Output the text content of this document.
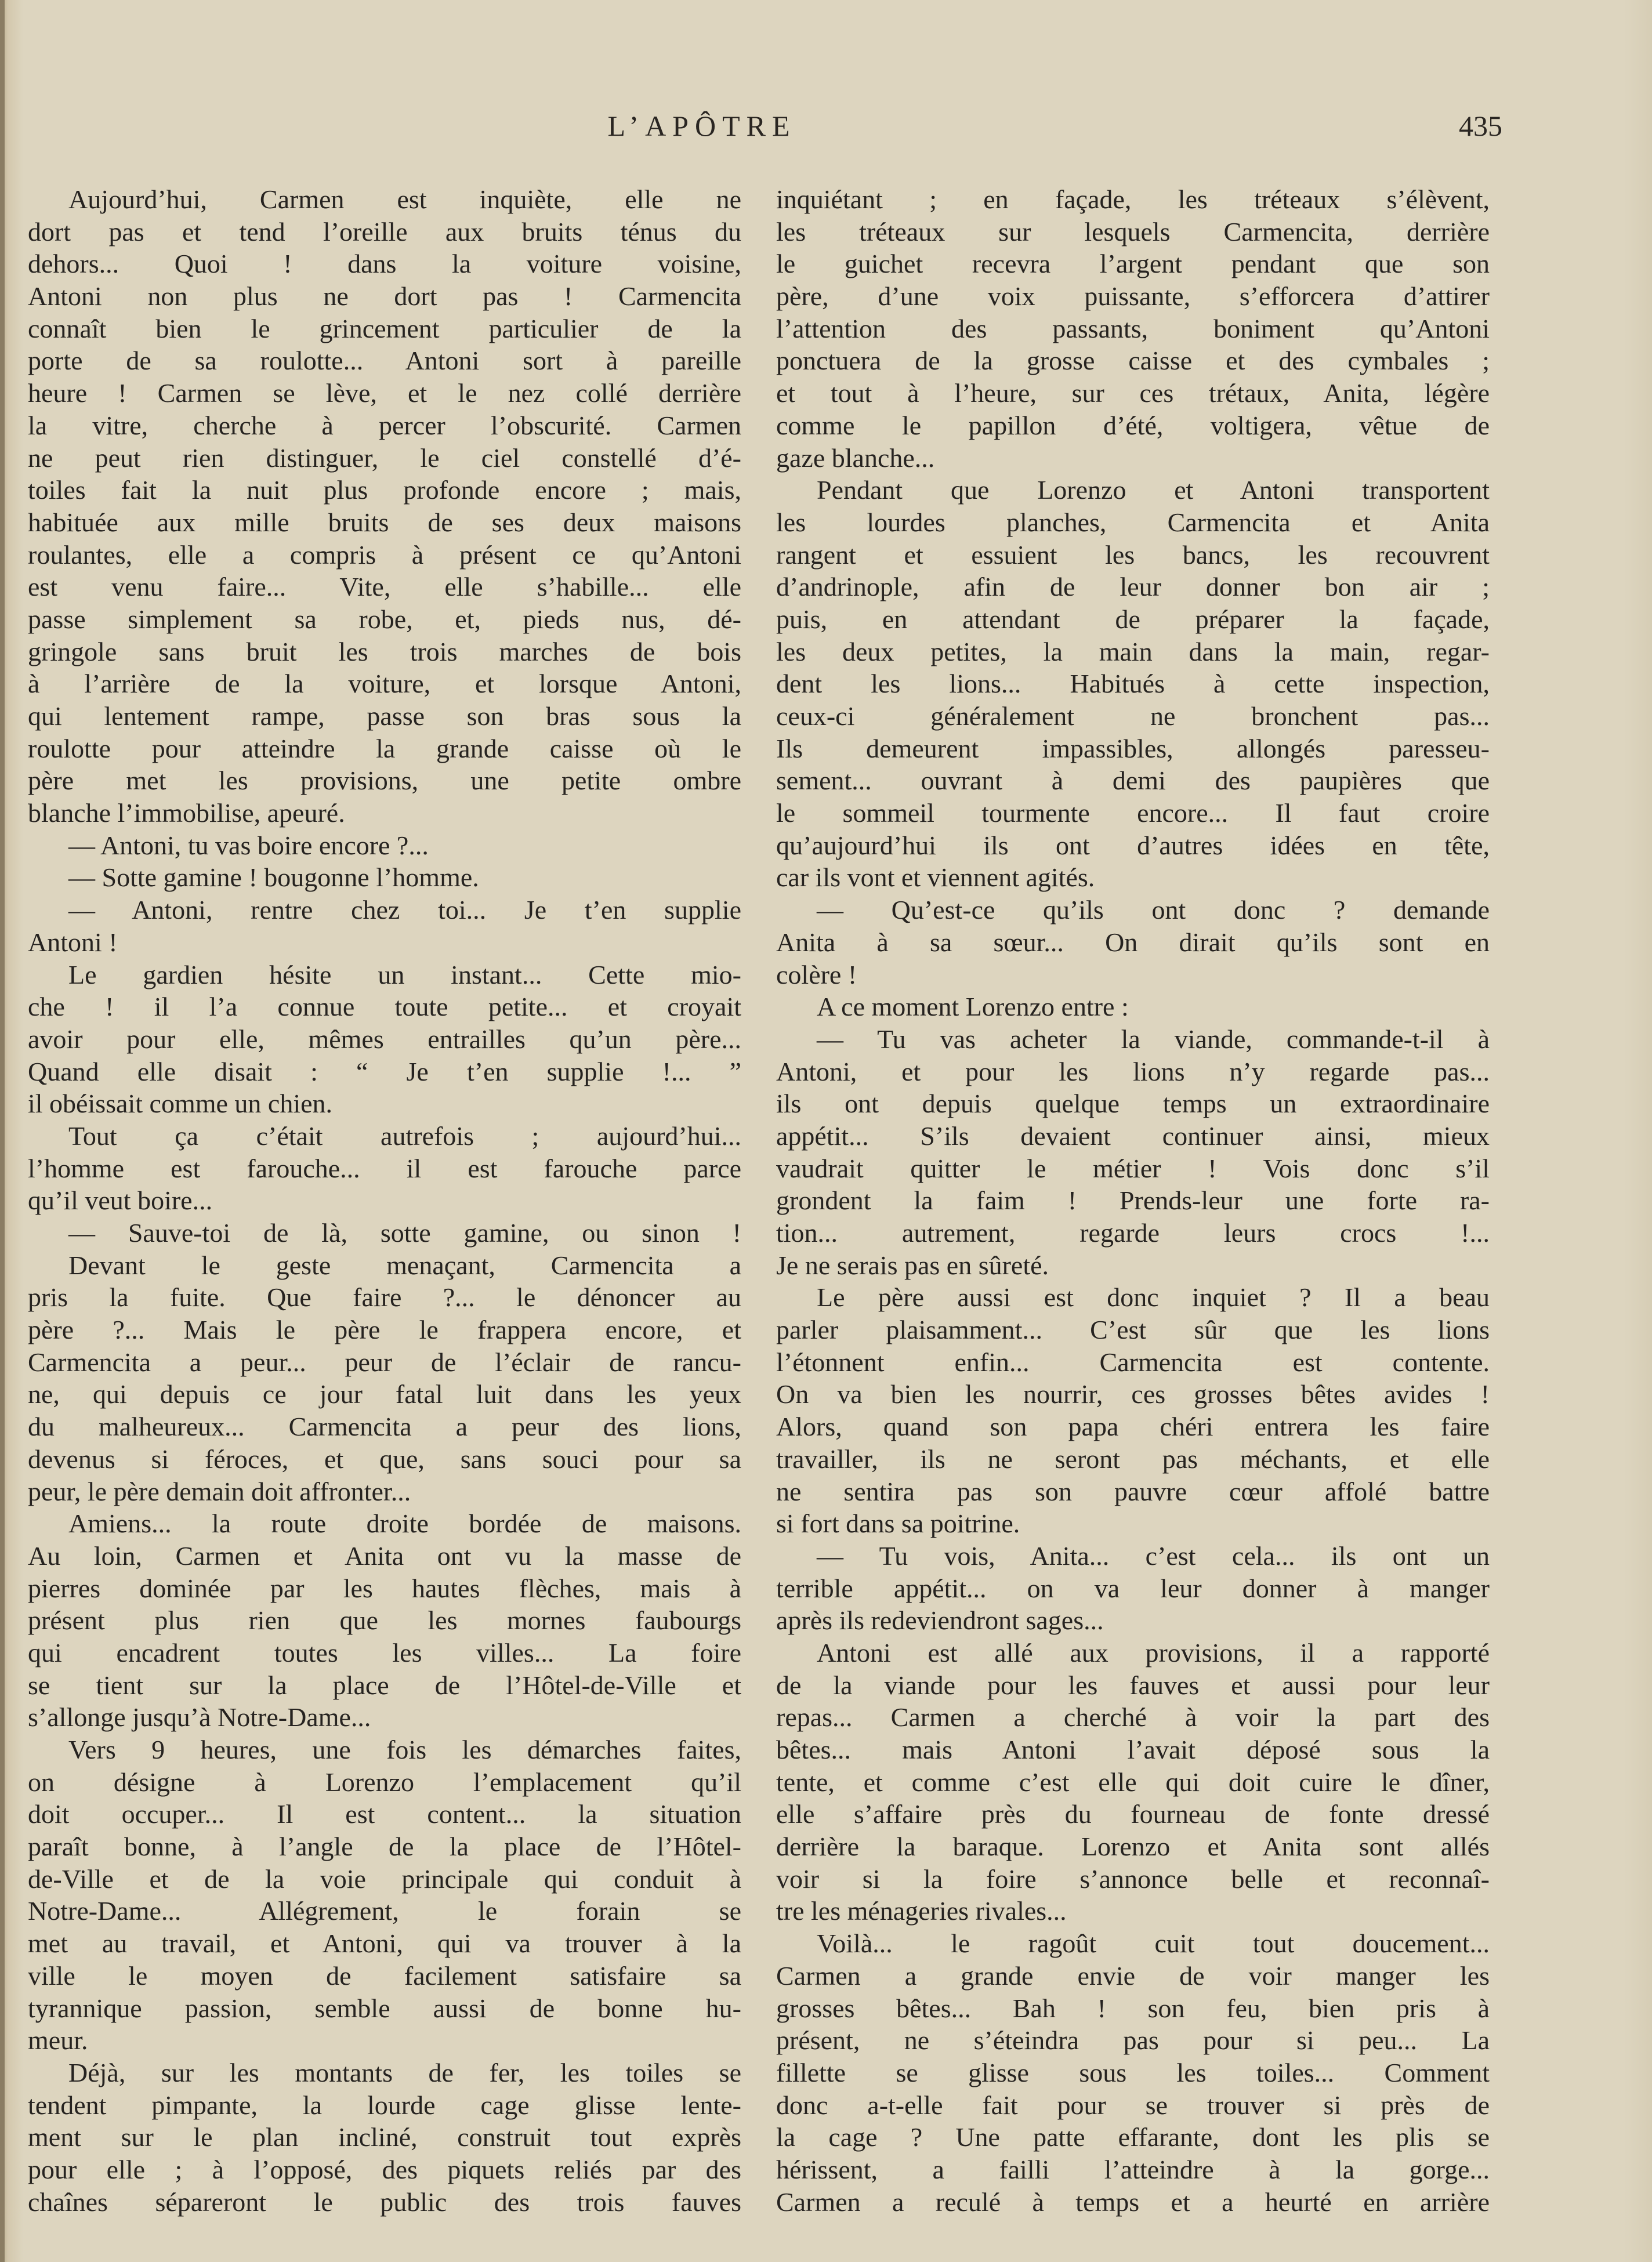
L’APÔTRE	435
Aujourd’hui, Carmen est inquiète, elle ne
dort pas et tend l’oreille aux bruits ténus du
dehors... Quoi ! dans la voiture voisine,
Antoni non plus ne dort pas ! Carmencita
connaît bien le grincement particulier de la
porte de sa roulotte... Antoni sort à pareille
heure ! Carmen se lève, et le nez collé derrière
la vitre, cherche à percer l’obscurité. Carmen
ne peut rien distinguer, le ciel constellé d’é-
toiles fait la nuit plus profonde encore ; mais,
habituée aux mille bruits de ses deux maisons
roulantes, elle a compris à présent ce qu’Antoni
est venu faire... Vite, elle s’habille... elle
passe simplement sa robe, et, pieds nus, dé-
gringole sans bruit les trois marches de bois
à l’arrière de la voiture, et lorsque Antoni,
qui lentement rampe, passe son bras sous la
roulotte pour atteindre la grande caisse où le
père met les provisions, une petite ombre
blanche l’immobilise, apeuré.
— Antoni, tu vas boire encore ?...
— Sotte gamine ! bougonne l’homme.
— Antoni, rentre chez toi... Je t’en supplie
Antoni !
Le gardien hésite un instant... Cette mio-
che ! il l’a connue toute petite... et croyait
avoir pour elle, mêmes entrailles qu’un père...
Quand elle disait : “ Je t’en supplie !... ”
il obéissait comme un chien.
Tout ça c’était autrefois ; aujourd’hui...
l’homme est farouche... il est farouche parce
qu’il veut boire...
— Sauve-toi de là, sotte gamine, ou sinon !
Devant le geste menaçant, Carmencita a
pris la fuite. Que faire ?... le dénoncer au
père ?... Mais le père le frappera encore, et
Carmencita a peur... peur de l’éclair de rancu-
ne, qui depuis ce jour fatal luit dans les yeux
du malheureux... Carmencita a peur des lions,
devenus si féroces, et que, sans souci pour sa
peur, le père demain doit affronter...
Amiens... la route droite bordée de maisons.
Au loin, Carmen et Anita ont vu la masse de
pierres dominée par les hautes flèches, mais à
présent plus rien que les mornes faubourgs
qui encadrent toutes les villes... La foire
se tient sur la place de l’Hôtel-de-Ville et
s’allonge jusqu’à Notre-Dame...
Vers 9 heures, une fois les démarches faites,
on désigne à Lorenzo l’emplacement qu’il
doit occuper... Il est content... la situation
paraît bonne, à l’angle de la place de l’Hôtel-
de-Ville et de la voie principale qui conduit à
Notre-Dame... Allégrement, le forain se
met au travail, et Antoni, qui va trouver à la
ville le moyen de facilement satisfaire sa
tyrannique passion, semble aussi de bonne hu-
meur.
Déjà, sur les montants de fer, les toiles se
tendent pimpante, la lourde cage glisse lente-
ment sur le plan incliné, construit tout exprès
pour elle ; à l’opposé, des piquets reliés par des
chaînes sépareront le public des trois fauves
inquiétant ; en façade, les tréteaux s’élèvent,
les tréteaux sur lesquels Carmencita, derrière
le guichet recevra l’argent pendant que son
père, d’une voix puissante, s’efforcera d’attirer
l’attention des passants, boniment qu’Antoni
ponctuera de la grosse caisse et des cymbales ;
et tout à l’heure, sur ces trétaux, Anita, légère
comme le papillon d’été, voltigera, vêtue de
gaze blanche...
Pendant que Lorenzo et Antoni transportent
les lourdes planches, Carmencita et Anita
rangent et essuient les bancs, les recouvrent
d’andrinople, afin de leur donner bon air ;
puis, en attendant de préparer la façade,
les deux petites, la main dans la main, regar-
dent les lions... Habitués à cette inspection,
ceux-ci généralement ne bronchent pas...
Ils demeurent impassibles, allongés paresseu-
sement... ouvrant à demi des paupières que
le sommeil tourmente encore... Il faut croire
qu’aujourd’hui ils ont d’autres idées en tête,
car ils vont et viennent agités.
— Qu’est-ce qu’ils ont donc ? demande
Anita à sa sœur... On dirait qu’ils sont en
colère !
A ce moment Lorenzo entre :
— Tu vas acheter la viande, commande-t-il à
Antoni, et pour les lions n’y regarde pas...
ils ont depuis quelque temps un extraordinaire
appétit... S’ils devaient continuer ainsi, mieux
vaudrait quitter le métier ! Vois donc s’il
grondent la faim ! Prends-leur une forte ra-
tion... autrement, regarde leurs crocs !...
Je ne serais pas en sûreté.
Le père aussi est donc inquiet ? Il a beau
parler plaisamment... C’est sûr que les lions
l’étonnent enfin... Carmencita est contente.
On va bien les nourrir, ces grosses bêtes avides !
Alors, quand son papa chéri entrera les faire
travailler, ils ne seront pas méchants, et elle
ne sentira pas son pauvre cœur affolé battre
si fort dans sa poitrine.
— Tu vois, Anita... c’est cela... ils ont un
terrible appétit... on va leur donner à manger
après ils redeviendront sages...
Antoni est allé aux provisions, il a rapporté
de la viande pour les fauves et aussi pour leur
repas... Carmen a cherché à voir la part des
bêtes... mais Antoni l’avait déposé sous la
tente, et comme c’est elle qui doit cuire le dîner,
elle s’affaire près du fourneau de fonte dressé
derrière la baraque. Lorenzo et Anita sont allés
voir si la foire s’annonce belle et reconnaî-
tre les ménageries rivales...
Voilà... le ragoût cuit tout doucement...
Carmen a grande envie de voir manger les
grosses bêtes... Bah ! son feu, bien pris à
présent, ne s’éteindra pas pour si peu... La
fillette se glisse sous les toiles... Comment
donc a-t-elle fait pour se trouver si près de
la cage ? Une patte effarante, dont les plis se
hérissent, a failli l’atteindre à la gorge...
Carmen a reculé à temps et a heurté en arrière
